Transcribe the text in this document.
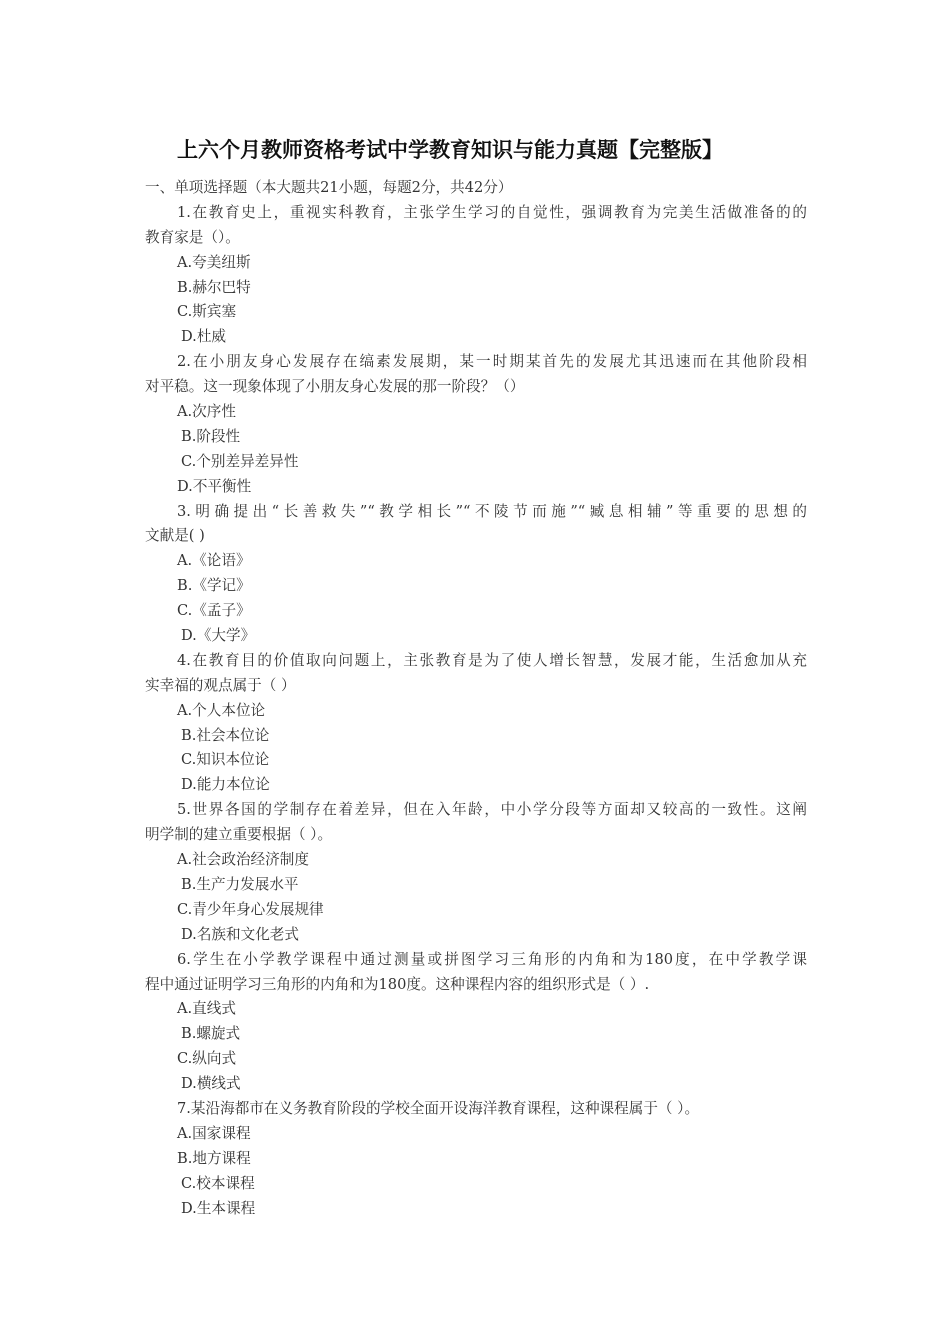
上六个月教师资格考试中学教育知识与能力真题【完整版】
一、单项选择题（本大题共21小题，每题2分，共42分）
1.在教育史上，重视实科教育，主张学生学习的自觉性，强调教育为完美生活做准备的的
教育家是（）。
A.夸美纽斯
B.赫尔巴特
C.斯宾塞
D.杜威
2.在小朋友身心发展存在缟素发展期，某一时期某首先的发展尤其迅速而在其他阶段相
对平稳。这一现象体现了小朋友身心发展的那一阶段？（）
A.次序性
B.阶段性
C.个别差异差异性
D.不平衡性
3.明确提出“长善救失”“教学相长”“不陵节而施”“臧息相辅”等重要的思想的
文献是( )
A.《论语》
B.《学记》
C.《孟子》
D.《大学》
4.在教育目的价值取向问题上，主张教育是为了使人增长智慧，发展才能，生活愈加从充
实幸福的观点属于（ ）
A.个人本位论
B.社会本位论
C.知识本位论
D.能力本位论
5.世界各国的学制存在着差异，但在入年龄，中小学分段等方面却又较高的一致性。这阐
明学制的建立重要根据（ ）。
A.社会政治经济制度
B.生产力发展水平
C.青少年身心发展规律
D.名族和文化老式
6.学生在小学教学课程中通过测量或拼图学习三角形的内角和为180度，在中学教学课
程中通过证明学习三角形的内角和为180度。这种课程内容的组织形式是（ ）.
A.直线式
B.螺旋式
C.纵向式
D.横线式
7.某沿海都市在义务教育阶段的学校全面开设海洋教育课程，这种课程属于（ ）。
A.国家课程
B.地方课程
C.校本课程
D.生本课程
